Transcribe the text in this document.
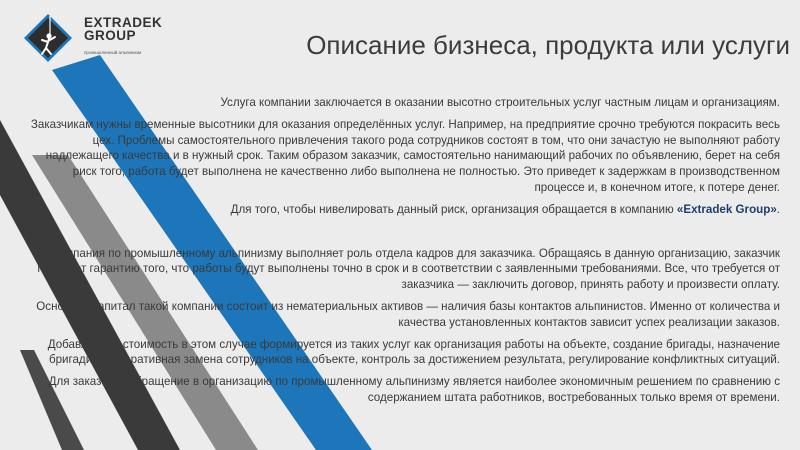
EXTRADEK
GROUP
промышленный альпинизм	Описание бизнеса, продукта или услуги

Услуга компании заключается в оказании высотно строительных услуг частным лицам и организациям.

Заказчикам нужны временные высотники для оказания определённых услуг. Например, на предприятие срочно требуются покрасить весь цех. Проблемы самостоятельного привлечения такого рода сотрудников состоят в том, что они зачастую не выполняют работу надлежащего качества и в нужный срок. Таким образом заказчик, самостоятельно нанимающий рабочих по объявлению, берет на себя риск того, работа будет выполнена не качественно либо выполнена не полностью. Это приведет к задержкам в производственном процессе и, в конечном итоге, к потере денег.

Для того, чтобы нивелировать данный риск, организация обращается в компанию «Extradek Group».

Компания по промышленному альпинизму выполняет роль отдела кадров для заказчика. Обращаясь в данную организацию, заказчик получает гарантию того, что работы будут выполнены точно в срок и в соответствии с заявленными требованиями. Все, что требуется от заказчика — заключить договор, принять работу и произвести оплату.

Основной капитал такой компании состоит из нематериальных активов — наличия базы контактов альпинистов. Именно от количества и качества установленных контактов зависит успех реализации заказов.

Добавленная стоимость в этом случае формируется из таких услуг как организация работы на объекте, создание бригады, назначение бригадира, оперативная замена сотрудников на объекте, контроль за достижением результата, регулирование конфликтных ситуаций.

Для заказчика обращение в организацию по промышленному альпинизму является наиболее экономичным решением по сравнению с содержанием штата работников, востребованных только время от времени.
